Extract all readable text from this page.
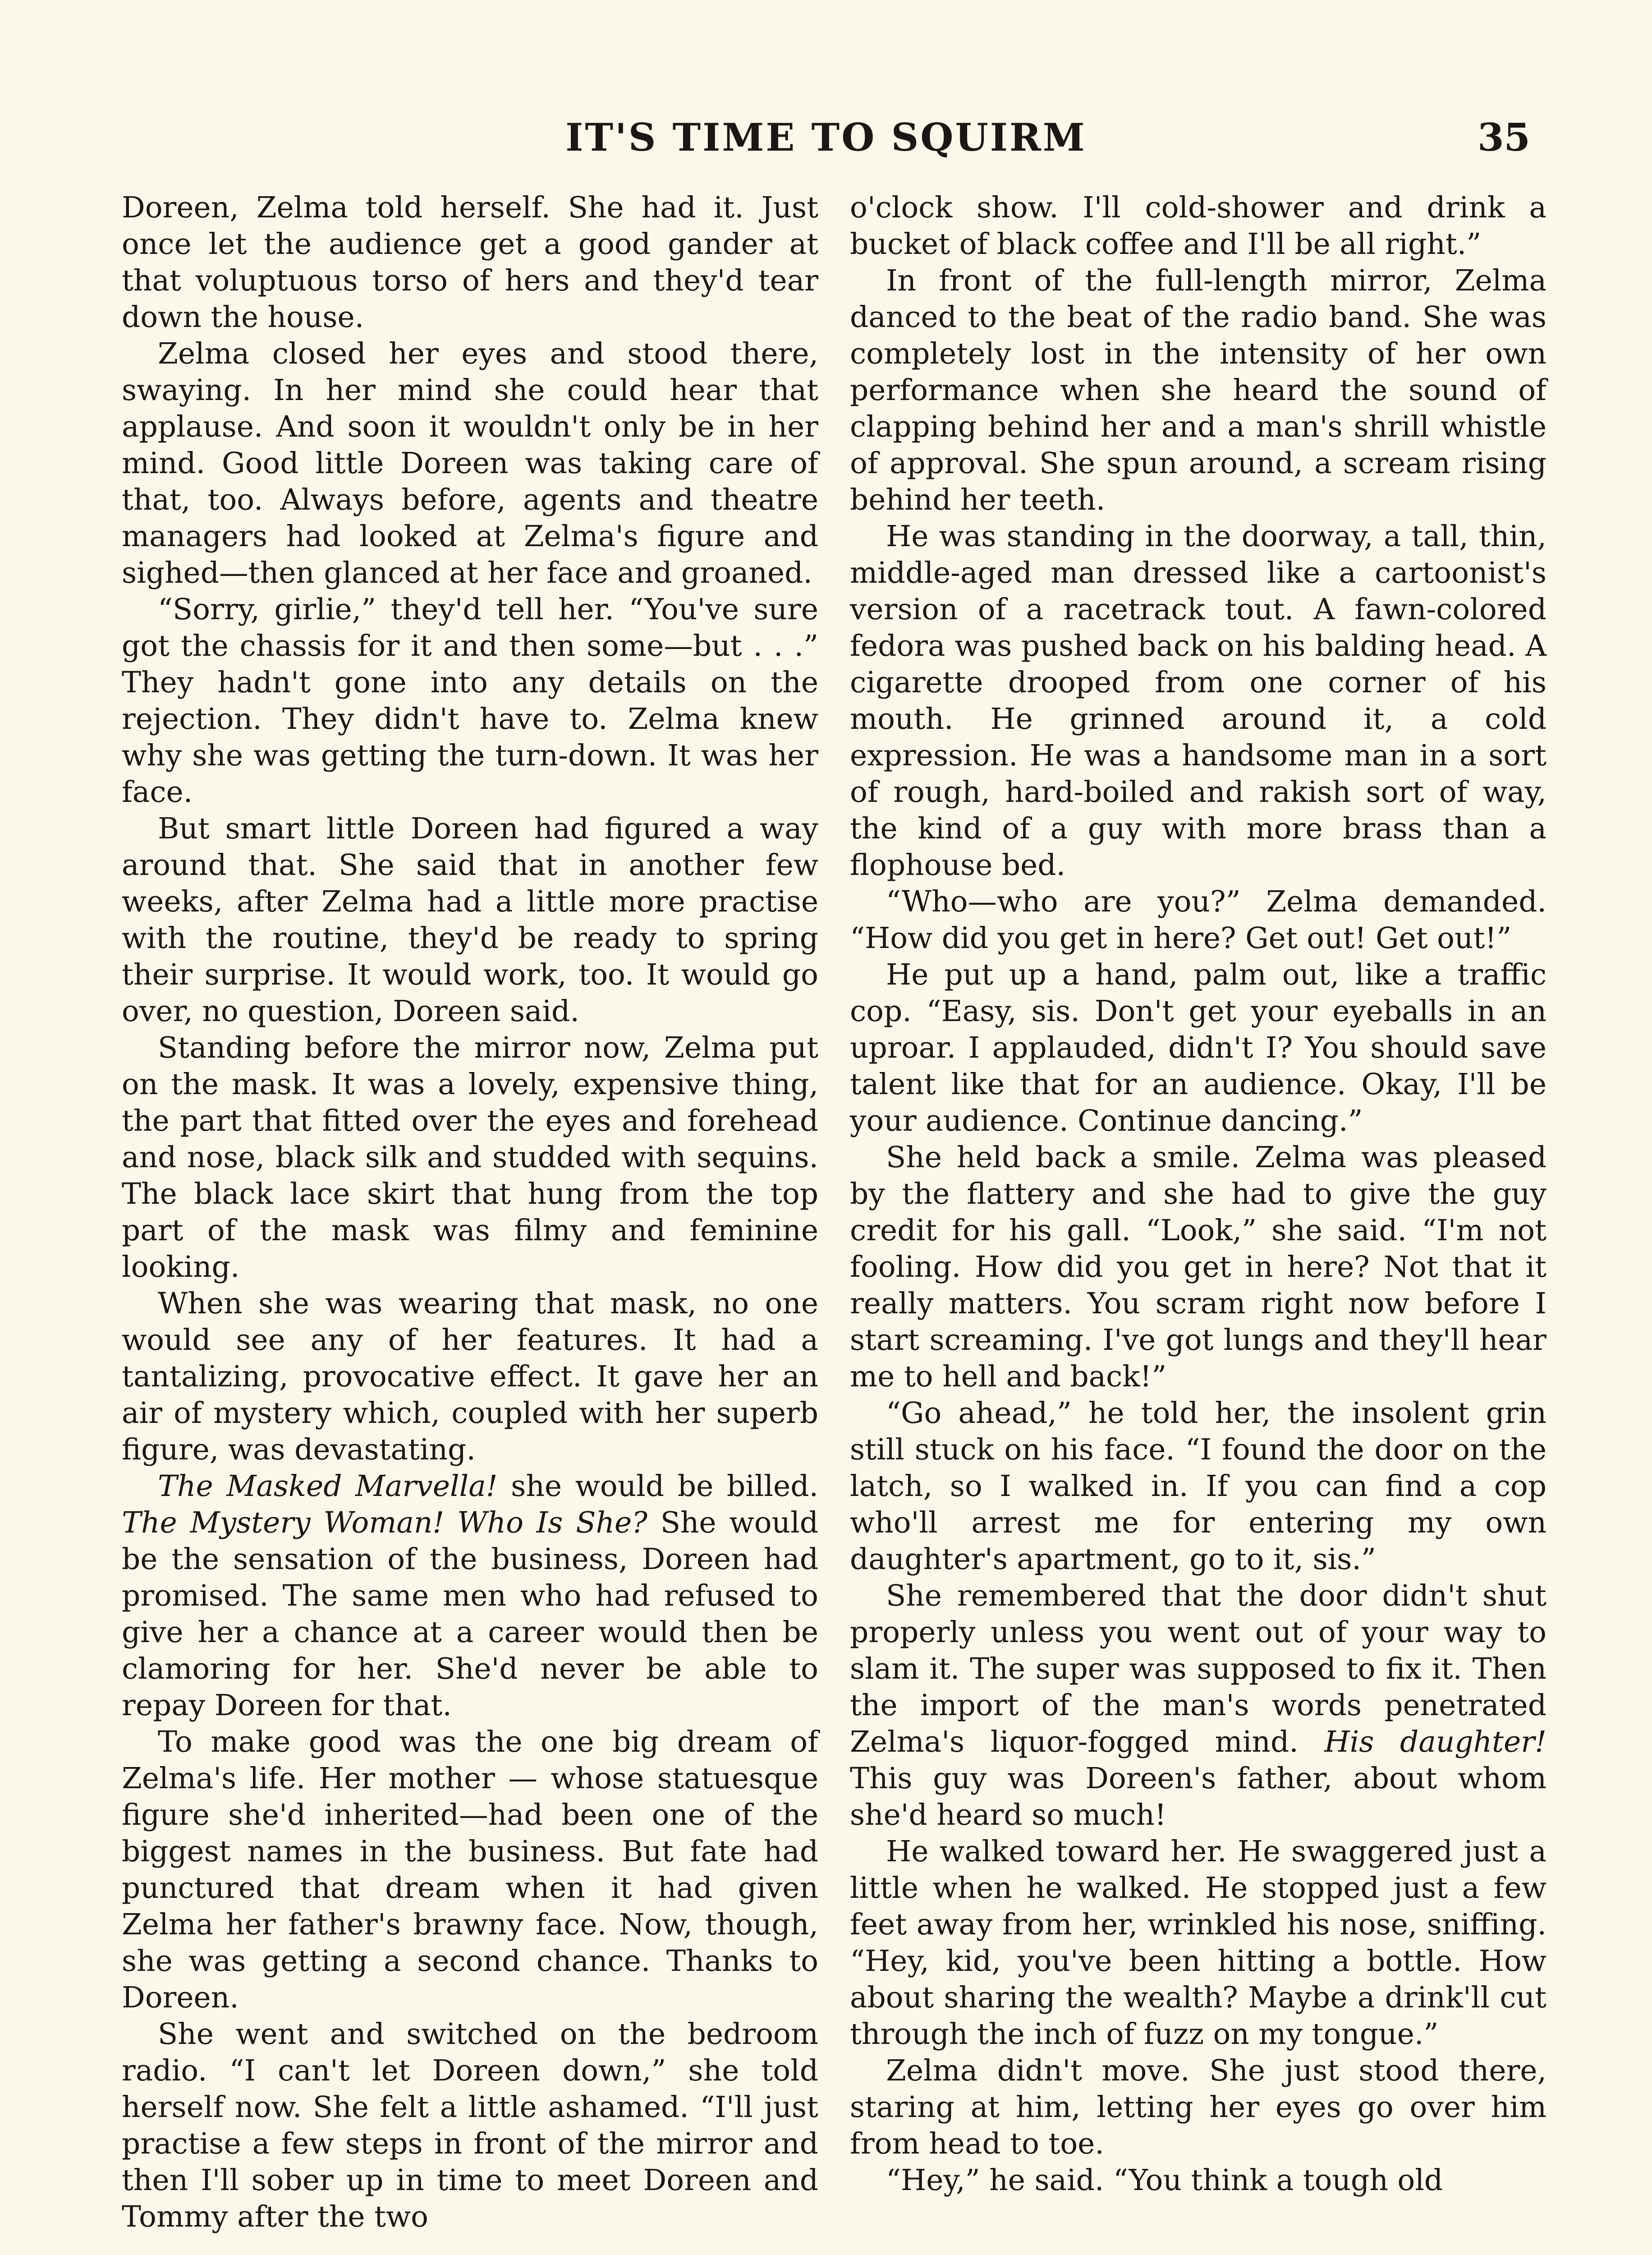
IT'S TIME TO SQUIRM	35

Doreen, Zelma told herself. She had it. Just once let the audience get a good gander at that voluptuous torso of hers and they'd tear down the house.

Zelma closed her eyes and stood there, swaying. In her mind she could hear that applause. And soon it wouldn't only be in her mind. Good little Doreen was taking care of that, too. Always before, agents and theatre managers had looked at Zelma's figure and sighed—then glanced at her face and groaned.

“Sorry, girlie,” they'd tell her. “You've sure got the chassis for it and then some—but . . .” They hadn't gone into any details on the rejection. They didn't have to. Zelma knew why she was getting the turn-down. It was her face.

But smart little Doreen had figured a way around that. She said that in another few weeks, after Zelma had a little more practise with the routine, they'd be ready to spring their surprise. It would work, too. It would go over, no question, Doreen said.

Standing before the mirror now, Zelma put on the mask. It was a lovely, expensive thing, the part that fitted over the eyes and forehead and nose, black silk and studded with sequins. The black lace skirt that hung from the top part of the mask was filmy and feminine looking.

When she was wearing that mask, no one would see any of her features. It had a tantalizing, provocative effect. It gave her an air of mystery which, coupled with her superb figure, was devastating.

The Masked Marvella! she would be billed. The Mystery Woman! Who Is She? She would be the sensation of the business, Doreen had promised. The same men who had refused to give her a chance at a career would then be clamoring for her. She'd never be able to repay Doreen for that.

To make good was the one big dream of Zelma's life. Her mother — whose statuesque figure she'd inherited—had been one of the biggest names in the business. But fate had punctured that dream when it had given Zelma her father's brawny face. Now, though, she was getting a second chance. Thanks to Doreen.

She went and switched on the bedroom radio. “I can't let Doreen down,” she told herself now. She felt a little ashamed. “I'll just practise a few steps in front of the mirror and then I'll sober up in time to meet Doreen and Tommy after the two

o'clock show. I'll cold-shower and drink a bucket of black coffee and I'll be all right.”

In front of the full-length mirror, Zelma danced to the beat of the radio band. She was completely lost in the intensity of her own performance when she heard the sound of clapping behind her and a man's shrill whistle of approval. She spun around, a scream rising behind her teeth.

He was standing in the doorway, a tall, thin, middle-aged man dressed like a cartoonist's version of a racetrack tout. A fawn-colored fedora was pushed back on his balding head. A cigarette drooped from one corner of his mouth. He grinned around it, a cold expression. He was a handsome man in a sort of rough, hard-boiled and rakish sort of way, the kind of a guy with more brass than a flophouse bed.

“Who—who are you?” Zelma demanded. “How did you get in here? Get out! Get out!”

He put up a hand, palm out, like a traffic cop. “Easy, sis. Don't get your eyeballs in an uproar. I applauded, didn't I? You should save talent like that for an audience. Okay, I'll be your audience. Continue dancing.”

She held back a smile. Zelma was pleased by the flattery and she had to give the guy credit for his gall. “Look,” she said. “I'm not fooling. How did you get in here? Not that it really matters. You scram right now before I start screaming. I've got lungs and they'll hear me to hell and back!”

“Go ahead,” he told her, the insolent grin still stuck on his face. “I found the door on the latch, so I walked in. If you can find a cop who'll arrest me for entering my own daughter's apartment, go to it, sis.”

She remembered that the door didn't shut properly unless you went out of your way to slam it. The super was supposed to fix it. Then the import of the man's words penetrated Zelma's liquor-fogged mind. His daughter! This guy was Doreen's father, about whom she'd heard so much!

He walked toward her. He swaggered just a little when he walked. He stopped just a few feet away from her, wrinkled his nose, sniffing. “Hey, kid, you've been hitting a bottle. How about sharing the wealth? Maybe a drink'll cut through the inch of fuzz on my tongue.”

Zelma didn't move. She just stood there, staring at him, letting her eyes go over him from head to toe.

“Hey,” he said. “You think a tough old
